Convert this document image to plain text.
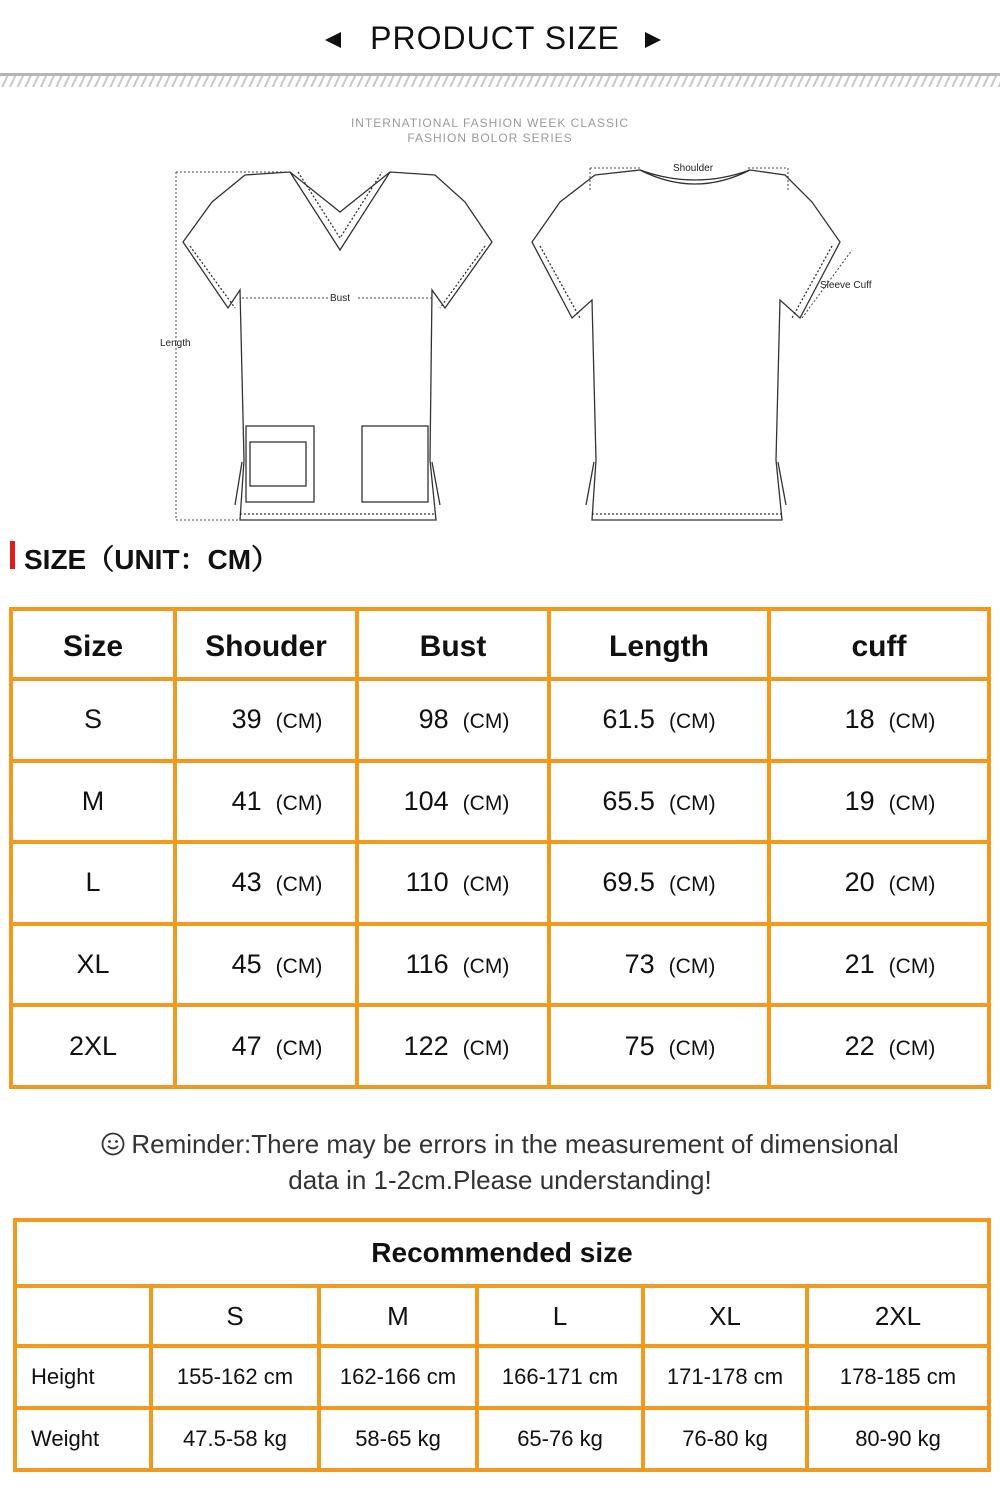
PRODUCT SIZE
INTERNATIONAL FASHION WEEK CLASSIC
FASHION BOLOR SERIES
Length
Bust
Shoulder
Sleeve Cuff
SIZE（UNIT：CM）
Size	Shouder	Bust	Length	cuff
S	39 (CM)	98 (CM)	61.5 (CM)	18 (CM)
M	41 (CM)	104 (CM)	65.5 (CM)	19 (CM)
L	43 (CM)	110 (CM)	69.5 (CM)	20 (CM)
XL	45 (CM)	116 (CM)	73 (CM)	21 (CM)
2XL	47 (CM)	122 (CM)	75 (CM)	22 (CM)
Reminder:There may be errors in the measurement of dimensional
data in 1-2cm.Please understanding!
Recommended size					
	S	M	L	XL	2XL
Height	155-162 cm	162-166 cm	166-171 cm	171-178 cm	178-185 cm
Weight	47.5-58 kg	58-65 kg	65-76 kg	76-80 kg	80-90 kg
